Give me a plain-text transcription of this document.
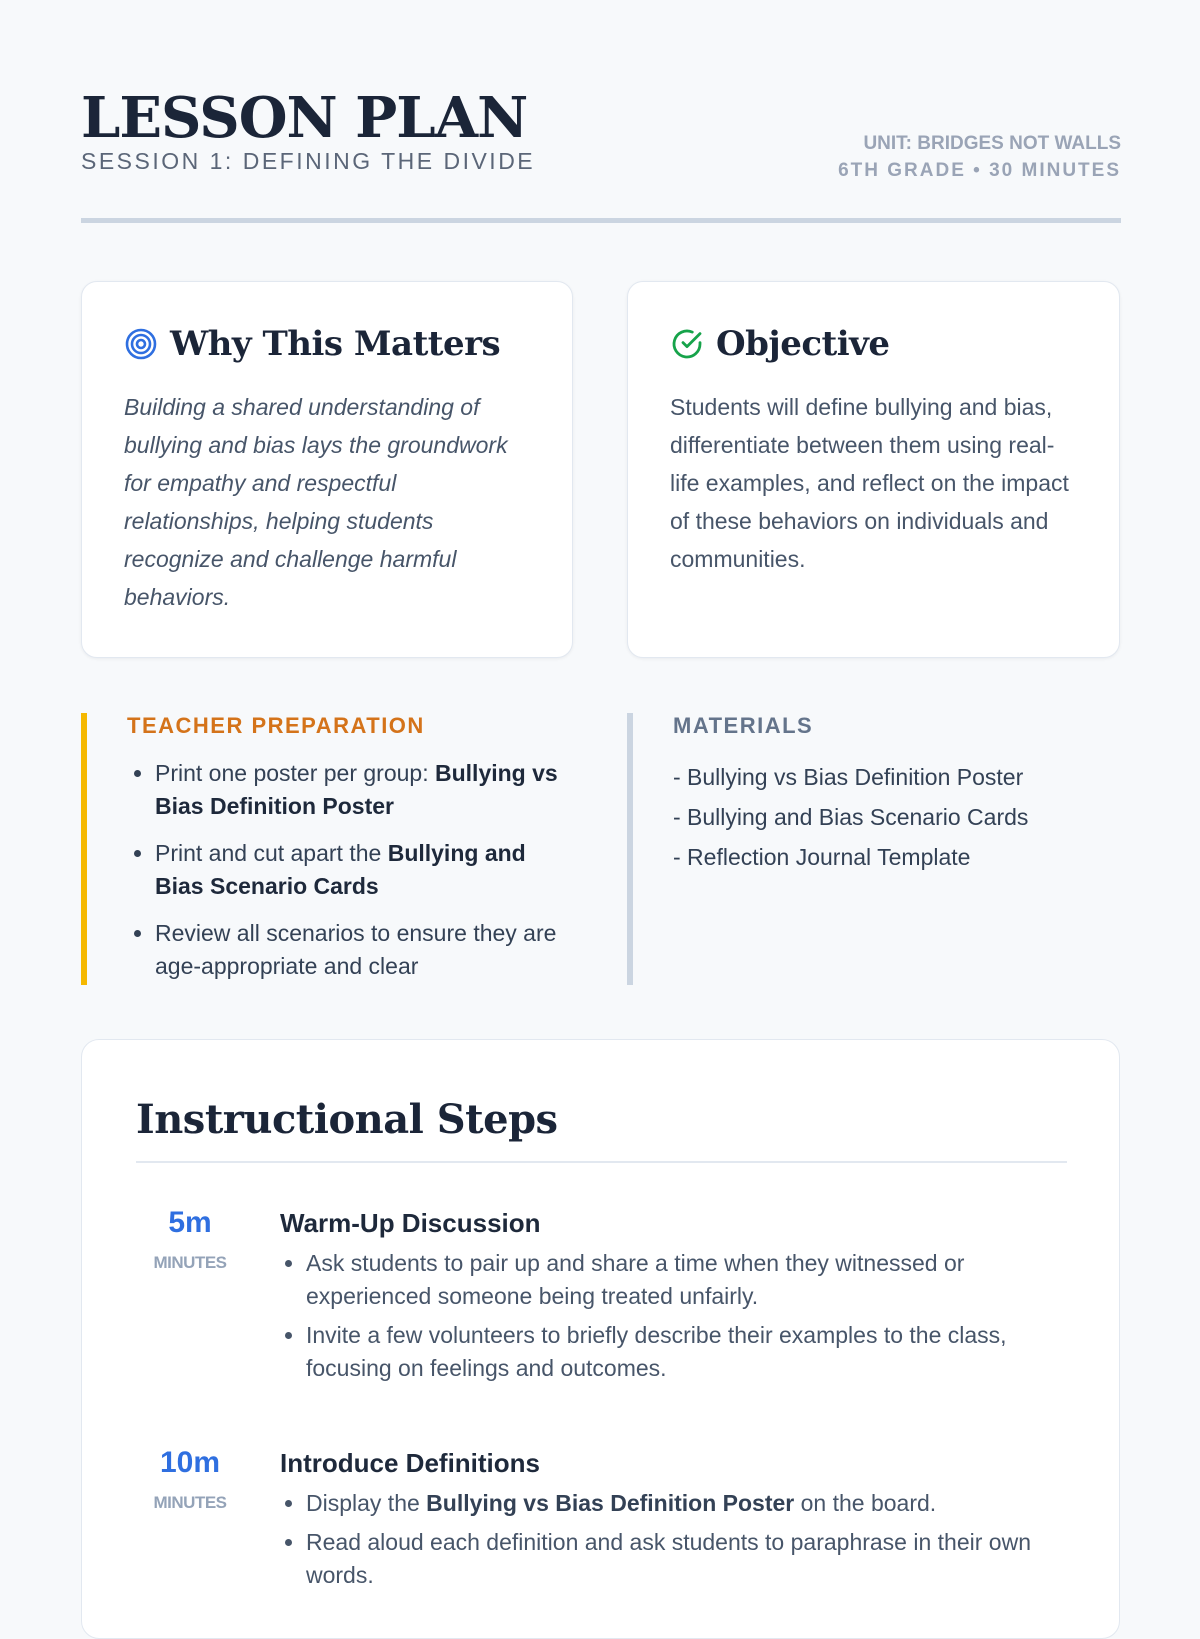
LESSON PLAN
SESSION 1: DEFINING THE DIVIDE
UNIT: BRIDGES NOT WALLS
6TH GRADE • 30 MINUTES
Why This Matters
Building a shared understanding of bullying and bias lays the groundwork for empathy and respectful relationships, helping students recognize and challenge harmful behaviors.
Objective
Students will define bullying and bias, differentiate between them using real-life examples, and reflect on the impact of these behaviors on individuals and communities.
TEACHER PREPARATION
• Print one poster per group: Bullying vs Bias Definition Poster
• Print and cut apart the Bullying and Bias Scenario Cards
• Review all scenarios to ensure they are age-appropriate and clear
MATERIALS
- Bullying vs Bias Definition Poster
- Bullying and Bias Scenario Cards
- Reflection Journal Template
Instructional Steps
5m
MINUTES
Warm-Up Discussion
• Ask students to pair up and share a time when they witnessed or experienced someone being treated unfairly.
• Invite a few volunteers to briefly describe their examples to the class, focusing on feelings and outcomes.
10m
MINUTES
Introduce Definitions
• Display the Bullying vs Bias Definition Poster on the board.
• Read aloud each definition and ask students to paraphrase in their own words.
